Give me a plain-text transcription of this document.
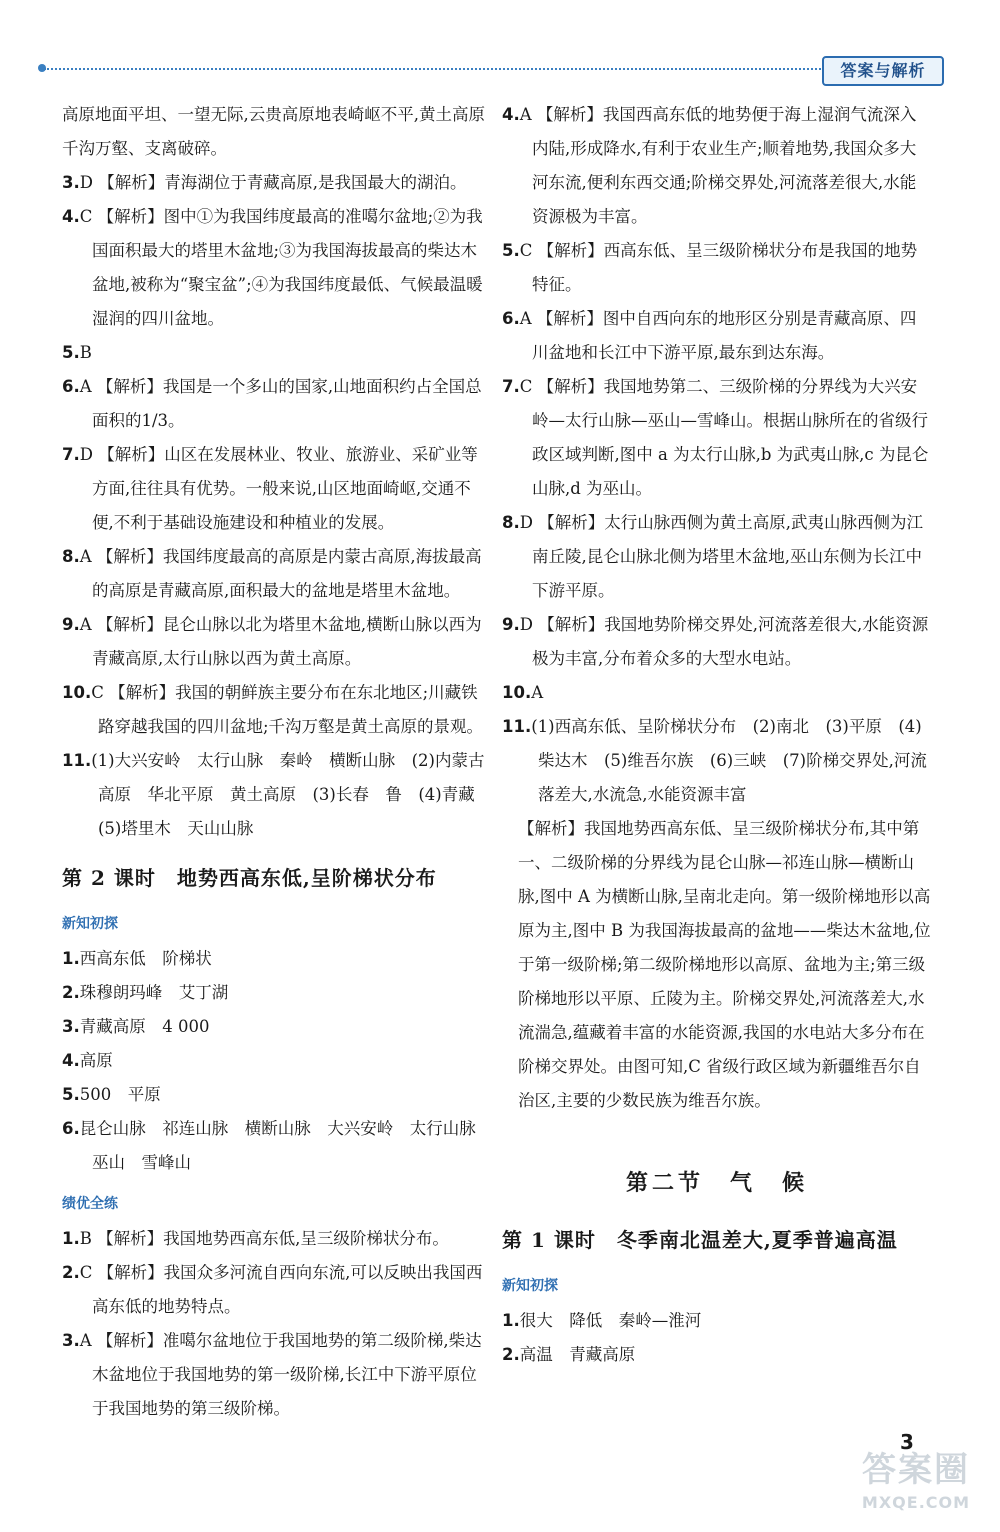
答案与解析
高原地面平坦、一望无际,云贵高原地表崎岖不平,黄土高原千沟万壑、支离破碎。
3.D 【解析】青海湖位于青藏高原,是我国最大的湖泊。
4.C 【解析】图中①为我国纬度最高的准噶尔盆地;②为我国面积最大的塔里木盆地;③为我国海拔最高的柴达木盆地,被称为“聚宝盆”;④为我国纬度最低、气候最温暖湿润的四川盆地。
5.B
6.A 【解析】我国是一个多山的国家,山地面积约占全国总面积的1/3。
7.D 【解析】山区在发展林业、牧业、旅游业、采矿业等方面,往往具有优势。一般来说,山区地面崎岖,交通不便,不利于基础设施建设和种植业的发展。
8.A 【解析】我国纬度最高的高原是内蒙古高原,海拔最高的高原是青藏高原,面积最大的盆地是塔里木盆地。
9.A 【解析】昆仑山脉以北为塔里木盆地,横断山脉以西为青藏高原,太行山脉以西为黄土高原。
10.C 【解析】我国的朝鲜族主要分布在东北地区;川藏铁路穿越我国的四川盆地;千沟万壑是黄土高原的景观。
11.(1)大兴安岭　太行山脉　秦岭　横断山脉　(2)内蒙古高原　华北平原　黄土高原　(3)长春　鲁　(4)青藏　(5)塔里木　天山山脉
第 2 课时　地势西高东低,呈阶梯状分布
新知初探
1.西高东低　阶梯状
2.珠穆朗玛峰　艾丁湖
3.青藏高原　4 000
4.高原
5.500　平原
6.昆仑山脉　祁连山脉　横断山脉　大兴安岭　太行山脉　巫山　雪峰山
绩优全练
1.B 【解析】我国地势西高东低,呈三级阶梯状分布。
2.C 【解析】我国众多河流自西向东流,可以反映出我国西高东低的地势特点。
3.A 【解析】准噶尔盆地位于我国地势的第二级阶梯,柴达木盆地位于我国地势的第一级阶梯,长江中下游平原位于我国地势的第三级阶梯。
4.A 【解析】我国西高东低的地势便于海上湿润气流深入内陆,形成降水,有利于农业生产;顺着地势,我国众多大河东流,便利东西交通;阶梯交界处,河流落差很大,水能资源极为丰富。
5.C 【解析】西高东低、呈三级阶梯状分布是我国的地势特征。
6.A 【解析】图中自西向东的地形区分别是青藏高原、四川盆地和长江中下游平原,最东到达东海。
7.C 【解析】我国地势第二、三级阶梯的分界线为大兴安岭—太行山脉—巫山—雪峰山。根据山脉所在的省级行政区域判断,图中 a 为太行山脉,b 为武夷山脉,c 为昆仑山脉,d 为巫山。
8.D 【解析】太行山脉西侧为黄土高原,武夷山脉西侧为江南丘陵,昆仑山脉北侧为塔里木盆地,巫山东侧为长江中下游平原。
9.D 【解析】我国地势阶梯交界处,河流落差很大,水能资源极为丰富,分布着众多的大型水电站。
10.A
11.(1)西高东低、呈阶梯状分布　(2)南北　(3)平原　(4)柴达木　(5)维吾尔族　(6)三峡　(7)阶梯交界处,河流落差大,水流急,水能资源丰富
【解析】我国地势西高东低、呈三级阶梯状分布,其中第一、二级阶梯的分界线为昆仑山脉—祁连山脉—横断山脉,图中 A 为横断山脉,呈南北走向。第一级阶梯地形以高原为主,图中 B 为我国海拔最高的盆地——柴达木盆地,位于第一级阶梯;第二级阶梯地形以高原、盆地为主;第三级阶梯地形以平原、丘陵为主。阶梯交界处,河流落差大,水流湍急,蕴藏着丰富的水能资源,我国的水电站大多分布在阶梯交界处。由图可知,C 省级行政区域为新疆维吾尔自治区,主要的少数民族为维吾尔族。
第二节　气　候
第 1 课时　冬季南北温差大,夏季普遍高温
新知初探
1.很大　降低　秦岭—淮河
2.高温　青藏高原
3
答案圈
MXQE.COM
